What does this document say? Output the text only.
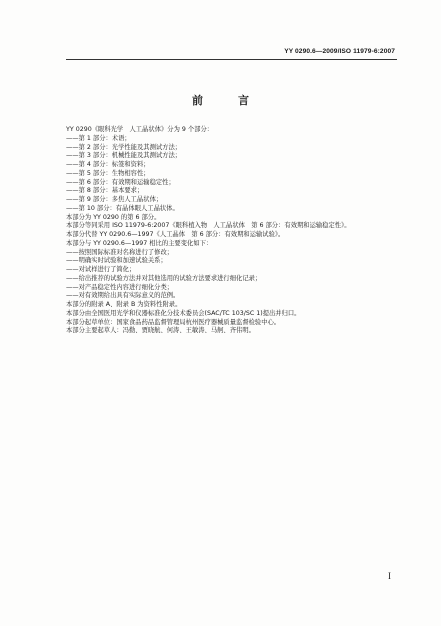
YY 0290.6—2009/ISO 11979-6:2007
前　言
YY 0290《眼科光学　人工晶状体》分为 9 个部分：
——第 1 部分：术语；
——第 2 部分：光学性能及其测试方法；
——第 3 部分：机械性能及其测试方法；
——第 4 部分：标签和资料；
——第 5 部分：生物相容性；
——第 6 部分：有效期和运输稳定性；
——第 8 部分：基本要求；
——第 9 部分：多焦人工晶状体；
——第 10 部分：有晶体眼人工晶状体。
本部分为 YY 0290 的第 6 部分。
本部分等同采用 ISO 11979-6:2007《眼科植入物　人工晶状体　第 6 部分：有效期和运输稳定性》。
本部分代替 YY 0290.6—1997《人工晶体　第 6 部分：有效期和运输试验》。
本部分与 YY 0290.6—1997 相比的主要变化如下：
——按照国际标准对名称进行了修改；
——明确实时试验和加速试验关系；
——对试样进行了简化；
——给出推荐的试验方法并对其他选用的试验方法要求进行细化记录；
——对产品稳定性内容进行细化分类；
——对有效期给出具有实际意义的范例。
本部分的附录 A、附录 B 为资料性附录。
本部分由全国医用光学和仪器标准化分技术委员会(SAC/TC 103/SC 1)提出并归口。
本部分起草单位：国家食品药品监督管理局杭州医疗器械质量监督检验中心。
本部分主要起草人：冯勤、贾晓航、何涛、王敏涛、马舸、齐伟明。
I
